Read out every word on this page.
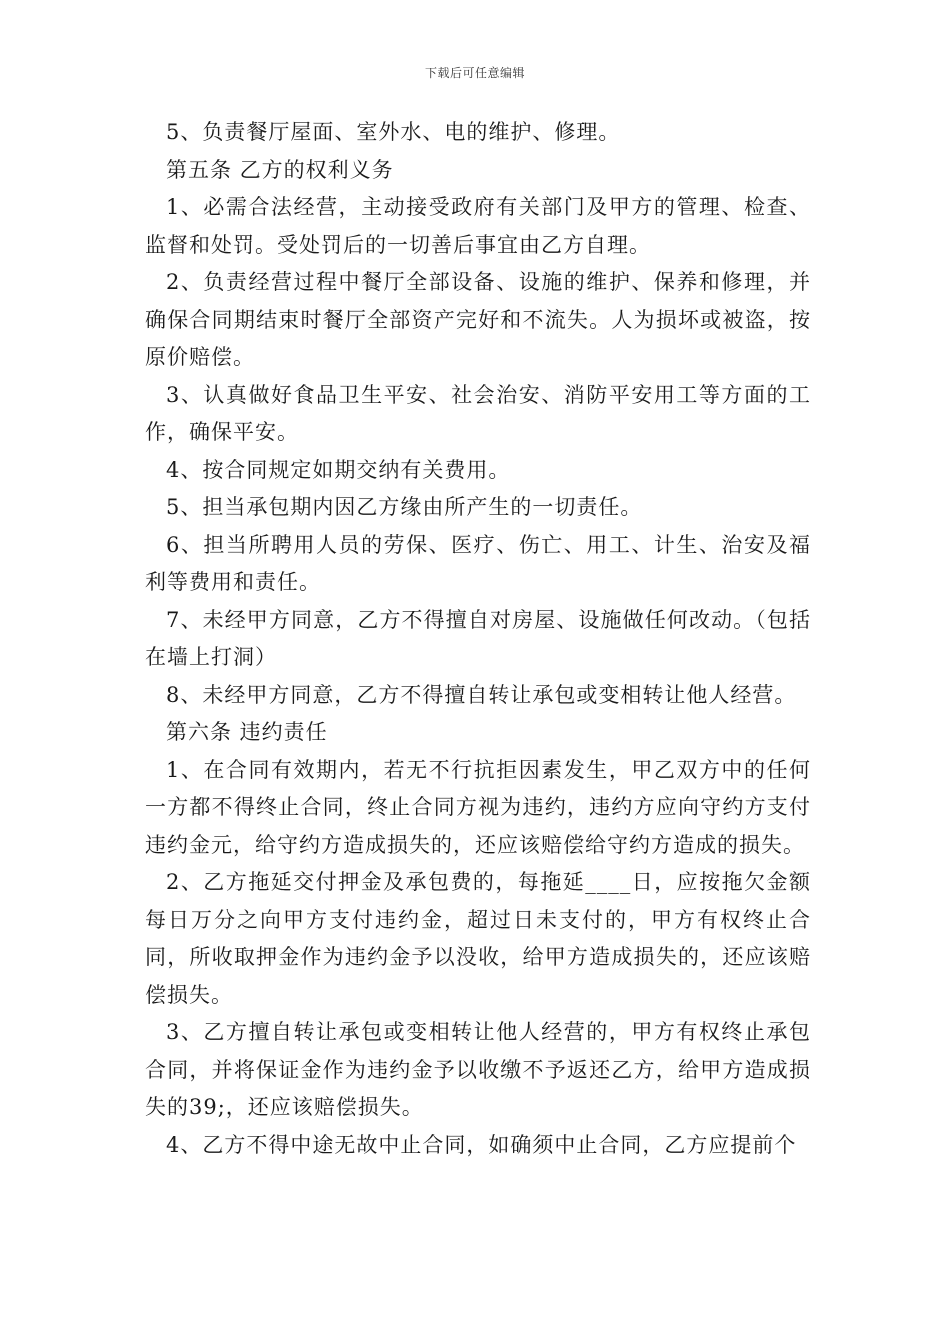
下载后可任意编辑

5、负责餐厅屋面、室外水、电的维护、修理。

第五条 乙方的权利义务

1、必需合法经营，主动接受政府有关部门及甲方的管理、检查、监督和处罚。受处罚后的一切善后事宜由乙方自理。

2、负责经营过程中餐厅全部设备、设施的维护、保养和修理，并确保合同期结束时餐厅全部资产完好和不流失。人为损坏或被盗，按原价赔偿。

3、认真做好食品卫生平安、社会治安、消防平安用工等方面的工作，确保平安。

4、按合同规定如期交纳有关费用。

5、担当承包期内因乙方缘由所产生的一切责任。

6、担当所聘用人员的劳保、医疗、伤亡、用工、计生、治安及福利等费用和责任。

7、未经甲方同意，乙方不得擅自对房屋、设施做任何改动。（包括在墙上打洞）

8、未经甲方同意，乙方不得擅自转让承包或变相转让他人经营。

第六条 违约责任

1、在合同有效期内，若无不行抗拒因素发生，甲乙双方中的任何一方都不得终止合同，终止合同方视为违约，违约方应向守约方支付违约金元，给守约方造成损失的，还应该赔偿给守约方造成的损失。

2、乙方拖延交付押金及承包费的，每拖延____日，应按拖欠金额每日万分之向甲方支付违约金，超过日未支付的，甲方有权终止合同，所收取押金作为违约金予以没收，给甲方造成损失的，还应该赔偿损失。

3、乙方擅自转让承包或变相转让他人经营的，甲方有权终止承包合同，并将保证金作为违约金予以收缴不予返还乙方，给甲方造成损失的39;，还应该赔偿损失。

4、乙方不得中途无故中止合同，如确须中止合同，乙方应提前个
